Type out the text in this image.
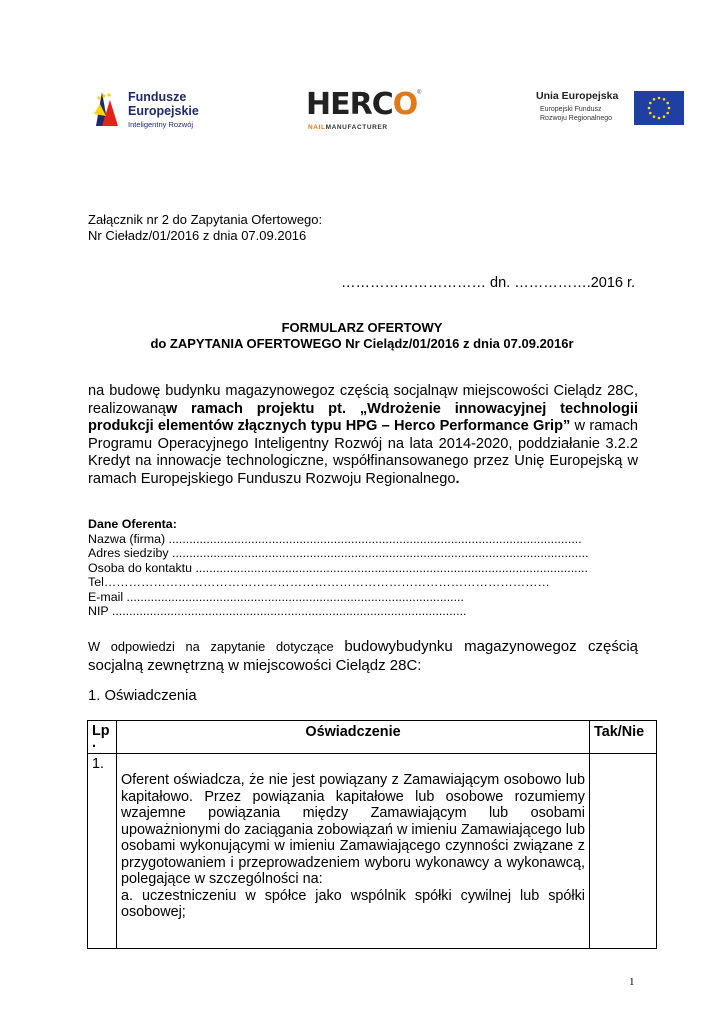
Fundusze
Europejskie
Inteligentny Rozwój
HERCO ®
NAILMANUFACTURER
Unia Europejska
Europejski Fundusz
Rozwoju Regionalnego
Załącznik nr 2 do Zapytania Ofertowego:
Nr Cieładz/01/2016 z dnia 07.09.2016
………………………… dn. …………….2016 r.
FORMULARZ OFERTOWY
do ZAPYTANIA OFERTOWEGO Nr Cielądz/01/2016 z dnia 07.09.2016r
na budowę budynku magazynowegoz częścią socjalnąw miejscowości Cielądz 28C, realizowanąw ramach projektu pt. „Wdrożenie innowacyjnej technologii produkcji elementów złącznych typu HPG – Herco Performance Grip” w ramach Programu Operacyjnego Inteligentny Rozwój na lata 2014-2020, poddziałanie 3.2.2 Kredyt na innowacje technologiczne, współfinansowanego przez Unię Europejską w ramach Europejskiego Funduszu Rozwoju Regionalnego.
Dane Oferenta:
Nazwa (firma) ........................................................................................................................
Adres siedziby .........................................................................................................................
Osoba do kontaktu ..................................................................................................................
Tel………………………………………………………………………………………………
E-mail ..................................................................................................
NIP .......................................................................................................
W odpowiedzi na zapytanie dotyczące budowybudynku magazynowegoz częścią socjalną zewnętrzną w miejscowości Cielądz 28C:
1. Oświadczenia
Lp
.	Oświadczenie	Tak/Nie
1.	Oferent oświadcza, że nie jest powiązany z Zamawiającym osobowo lub kapitałowo. Przez powiązania kapitałowe lub osobowe rozumiemy wzajemne powiązania między Zamawiającym lub osobami upoważnionymi do zaciągania zobowiązań w imieniu Zamawiającego lub osobami wykonującymi w imieniu Zamawiającego czynności związane z przygotowaniem i przeprowadzeniem wyboru wykonawcy a wykonawcą, polegające w szczególności na:
a. uczestniczeniu w spółce jako wspólnik spółki cywilnej lub spółki osobowej;	

1
